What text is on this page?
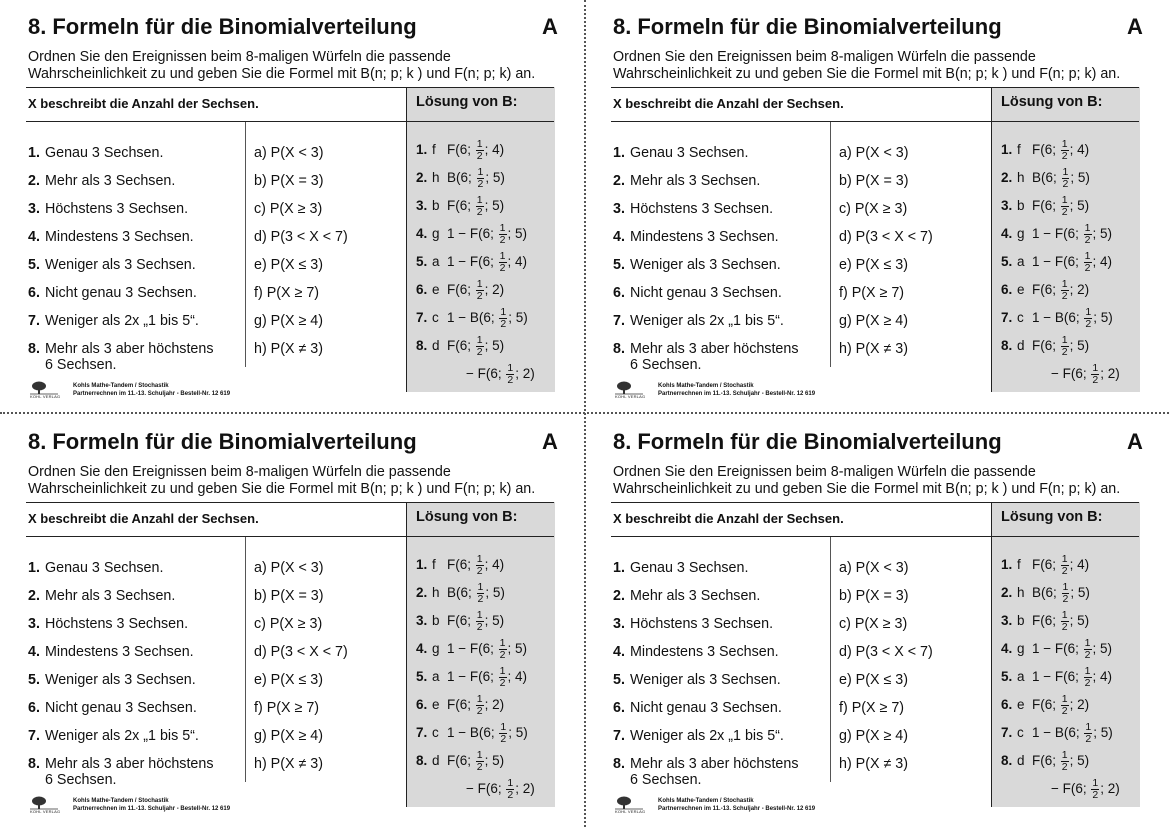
8. Formeln für die Binomialverteilung	A
Ordnen Sie den Ereignissen beim 8-maligen Würfeln die passende Wahrscheinlichkeit zu und geben Sie die Formel mit B(n; p; k ) und F(n; p; k) an.
X beschreibt die Anzahl der Sechsen.	Lösung von B:
1. Genau 3 Sechsen.	a) P(X < 3)	1. f F(6; $\frac{1}{2}$ ; 4)
2. Mehr als 3 Sechsen.	b) P(X = 3)	2. h B(6; $\frac{1}{2}$ ; 5)
3. Höchstens 3 Sechsen.	c) P(X ≥ 3)	3. b F(6; $\frac{1}{2}$ ; 5)
4. Mindestens 3 Sechsen.	d) P(3 < X < 7)	4. g 1 − F(6; $\frac{1}{2}$ ; 5)
5. Weniger als 3 Sechsen.	e) P(X ≤ 3)	5. a 1 − F(6; $\frac{1}{2}$ ; 4)
6. Nicht genau 3 Sechsen.	f) P(X ≥ 7)	6. e F(6; $\frac{1}{2}$ ; 2)
7. Weniger als 2x „1 bis 5“.	g) P(X ≥ 4)	7. c 1 − B(6; $\frac{1}{2}$ ; 5)
8. Mehr als 3 aber höchstens
6 Sechsen.
h) P(X ≠ 3)	8. d F(6; $\frac{1}{2}$ ; 5)
− F(6; $\frac{1}{2}$ ; 2)
KOHL VERLAG
Kohls Mathe-Tandem / Stochastik
Partnerrechnen im 11.-13. Schuljahr - Bestell-Nr. 12 619
8. Formeln für die Binomialverteilung	A
Ordnen Sie den Ereignissen beim 8-maligen Würfeln die passende Wahrscheinlichkeit zu und geben Sie die Formel mit B(n; p; k ) und F(n; p; k) an.
X beschreibt die Anzahl der Sechsen.	Lösung von B:
1. Genau 3 Sechsen.	a) P(X < 3)	1. f F(6; $\frac{1}{2}$ ; 4)
2. Mehr als 3 Sechsen.	b) P(X = 3)	2. h B(6; $\frac{1}{2}$ ; 5)
3. Höchstens 3 Sechsen.	c) P(X ≥ 3)	3. b F(6; $\frac{1}{2}$ ; 5)
4. Mindestens 3 Sechsen.	d) P(3 < X < 7)	4. g 1 − F(6; $\frac{1}{2}$ ; 5)
5. Weniger als 3 Sechsen.	e) P(X ≤ 3)	5. a 1 − F(6; $\frac{1}{2}$ ; 4)
6. Nicht genau 3 Sechsen.	f) P(X ≥ 7)	6. e F(6; $\frac{1}{2}$ ; 2)
7. Weniger als 2x „1 bis 5“.	g) P(X ≥ 4)	7. c 1 − B(6; $\frac{1}{2}$ ; 5)
8. Mehr als 3 aber höchstens
6 Sechsen.
h) P(X ≠ 3)	8. d F(6; $\frac{1}{2}$ ; 5)
− F(6; $\frac{1}{2}$ ; 2)
KOHL VERLAG
Kohls Mathe-Tandem / Stochastik
Partnerrechnen im 11.-13. Schuljahr - Bestell-Nr. 12 619
8. Formeln für die Binomialverteilung	A
Ordnen Sie den Ereignissen beim 8-maligen Würfeln die passende Wahrscheinlichkeit zu und geben Sie die Formel mit B(n; p; k ) und F(n; p; k) an.
X beschreibt die Anzahl der Sechsen.	Lösung von B:
1. Genau 3 Sechsen.	a) P(X < 3)	1. f F(6; $\frac{1}{2}$ ; 4)
2. Mehr als 3 Sechsen.	b) P(X = 3)	2. h B(6; $\frac{1}{2}$ ; 5)
3. Höchstens 3 Sechsen.	c) P(X ≥ 3)	3. b F(6; $\frac{1}{2}$ ; 5)
4. Mindestens 3 Sechsen.	d) P(3 < X < 7)	4. g 1 − F(6; $\frac{1}{2}$ ; 5)
5. Weniger als 3 Sechsen.	e) P(X ≤ 3)	5. a 1 − F(6; $\frac{1}{2}$ ; 4)
6. Nicht genau 3 Sechsen.	f) P(X ≥ 7)	6. e F(6; $\frac{1}{2}$ ; 2)
7. Weniger als 2x „1 bis 5“.	g) P(X ≥ 4)	7. c 1 − B(6; $\frac{1}{2}$ ; 5)
8. Mehr als 3 aber höchstens
6 Sechsen.
h) P(X ≠ 3)	8. d F(6; $\frac{1}{2}$ ; 5)
− F(6; $\frac{1}{2}$ ; 2)
KOHL VERLAG
Kohls Mathe-Tandem / Stochastik
Partnerrechnen im 11.-13. Schuljahr - Bestell-Nr. 12 619
8. Formeln für die Binomialverteilung	A
Ordnen Sie den Ereignissen beim 8-maligen Würfeln die passende Wahrscheinlichkeit zu und geben Sie die Formel mit B(n; p; k ) und F(n; p; k) an.
X beschreibt die Anzahl der Sechsen.	Lösung von B:
1. Genau 3 Sechsen.	a) P(X < 3)	1. f F(6; $\frac{1}{2}$ ; 4)
2. Mehr als 3 Sechsen.	b) P(X = 3)	2. h B(6; $\frac{1}{2}$ ; 5)
3. Höchstens 3 Sechsen.	c) P(X ≥ 3)	3. b F(6; $\frac{1}{2}$ ; 5)
4. Mindestens 3 Sechsen.	d) P(3 < X < 7)	4. g 1 − F(6; $\frac{1}{2}$ ; 5)
5. Weniger als 3 Sechsen.	e) P(X ≤ 3)	5. a 1 − F(6; $\frac{1}{2}$ ; 4)
6. Nicht genau 3 Sechsen.	f) P(X ≥ 7)	6. e F(6; $\frac{1}{2}$ ; 2)
7. Weniger als 2x „1 bis 5“.	g) P(X ≥ 4)	7. c 1 − B(6; $\frac{1}{2}$ ; 5)
8. Mehr als 3 aber höchstens
6 Sechsen.
h) P(X ≠ 3)	8. d F(6; $\frac{1}{2}$ ; 5)
− F(6; $\frac{1}{2}$ ; 2)
KOHL VERLAG
Kohls Mathe-Tandem / Stochastik
Partnerrechnen im 11.-13. Schuljahr - Bestell-Nr. 12 619
